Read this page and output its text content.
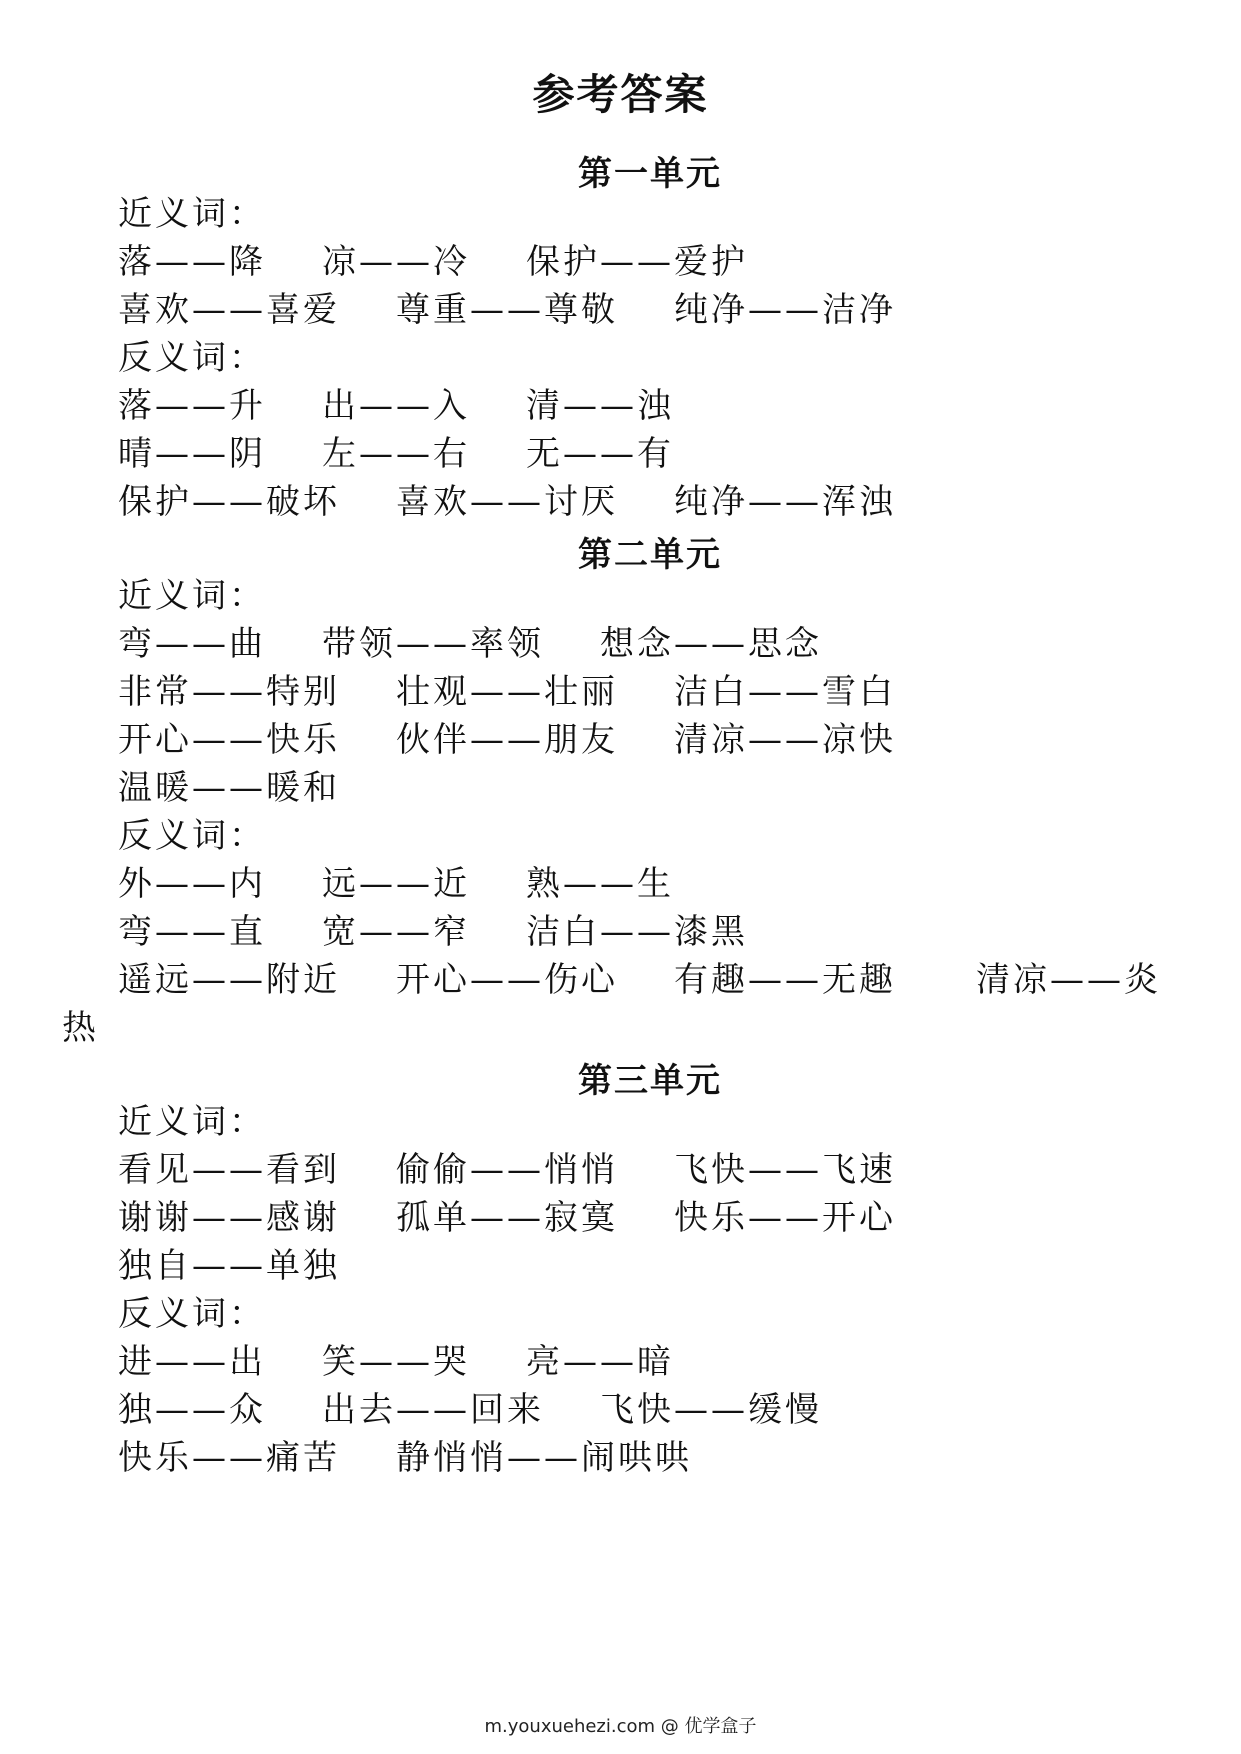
参考答案
第一单元
近义词：
落——降 凉——冷 保护——爱护
喜欢——喜爱 尊重——尊敬 纯净——洁净
反义词：
落——升 出——入 清——浊
晴——阴 左——右 无——有
保护——破坏 喜欢——讨厌 纯净——浑浊
第二单元
近义词：
弯——曲 带领——率领 想念——思念
非常——特别 壮观——壮丽 洁白——雪白
开心——快乐 伙伴——朋友 清凉——凉快
温暖——暖和
反义词：
外——内 远——近 熟——生
弯——直 宽——窄 洁白——漆黑
遥远——附近 开心——伤心 有趣——无趣 清凉——炎
热
第三单元
近义词：
看见——看到 偷偷——悄悄 飞快——飞速
谢谢——感谢 孤单——寂寞 快乐——开心
独自——单独
反义词：
进——出 笑——哭 亮——暗
独——众 出去——回来 飞快——缓慢
快乐——痛苦 静悄悄——闹哄哄
m.youxuehezi.com @ 优学盒子
